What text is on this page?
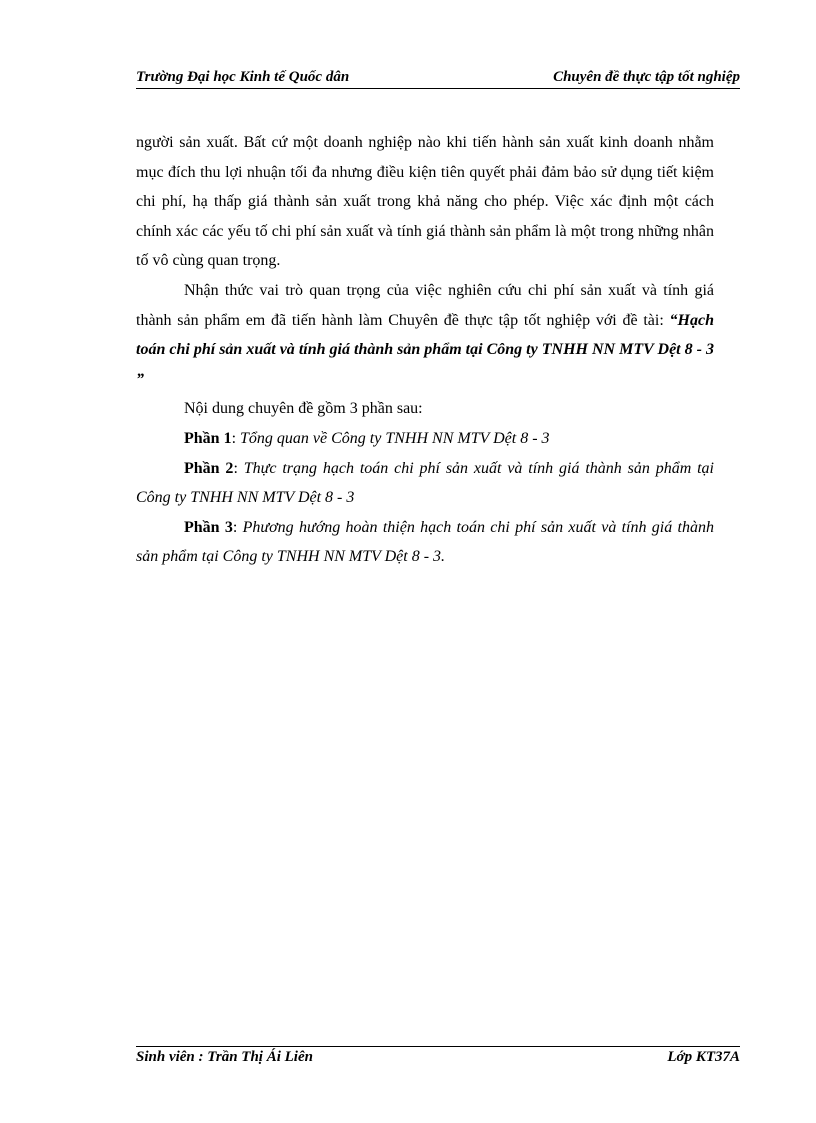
Trường Đại học Kinh tế Quốc dân	Chuyên đề thực tập tốt nghiệp

người sản xuất. Bất cứ một doanh nghiệp nào khi tiến hành sản xuất kinh doanh nhằm mục đích thu lợi nhuận tối đa nhưng điều kiện tiên quyết phải đảm bảo sử dụng tiết kiệm chi phí, hạ thấp giá thành sản xuất trong khả năng cho phép. Việc xác định một cách chính xác các yếu tố chi phí sản xuất và tính giá thành sản phẩm là một trong những nhân tố vô cùng quan trọng.

Nhận thức vai trò quan trọng của việc nghiên cứu chi phí sản xuất và tính giá thành sản phẩm em đã tiến hành làm Chuyên đề thực tập tốt nghiệp với đề tài: “Hạch toán chi phí sản xuất và tính giá thành sản phẩm tại Công ty TNHH NN MTV Dệt 8 - 3 ”

Nội dung chuyên đề gồm 3 phần sau:

Phần 1: Tổng quan về Công ty TNHH NN MTV Dệt 8 - 3

Phần 2: Thực trạng hạch toán chi phí sản xuất và tính giá thành sản phẩm tại Công ty TNHH NN MTV Dệt 8 - 3

Phần 3: Phương hướng hoàn thiện hạch toán chi phí sản xuất và tính giá thành sản phẩm tại Công ty TNHH NN MTV Dệt 8 - 3.

Sinh viên : Trần Thị Ái Liên	Lớp KT37A
